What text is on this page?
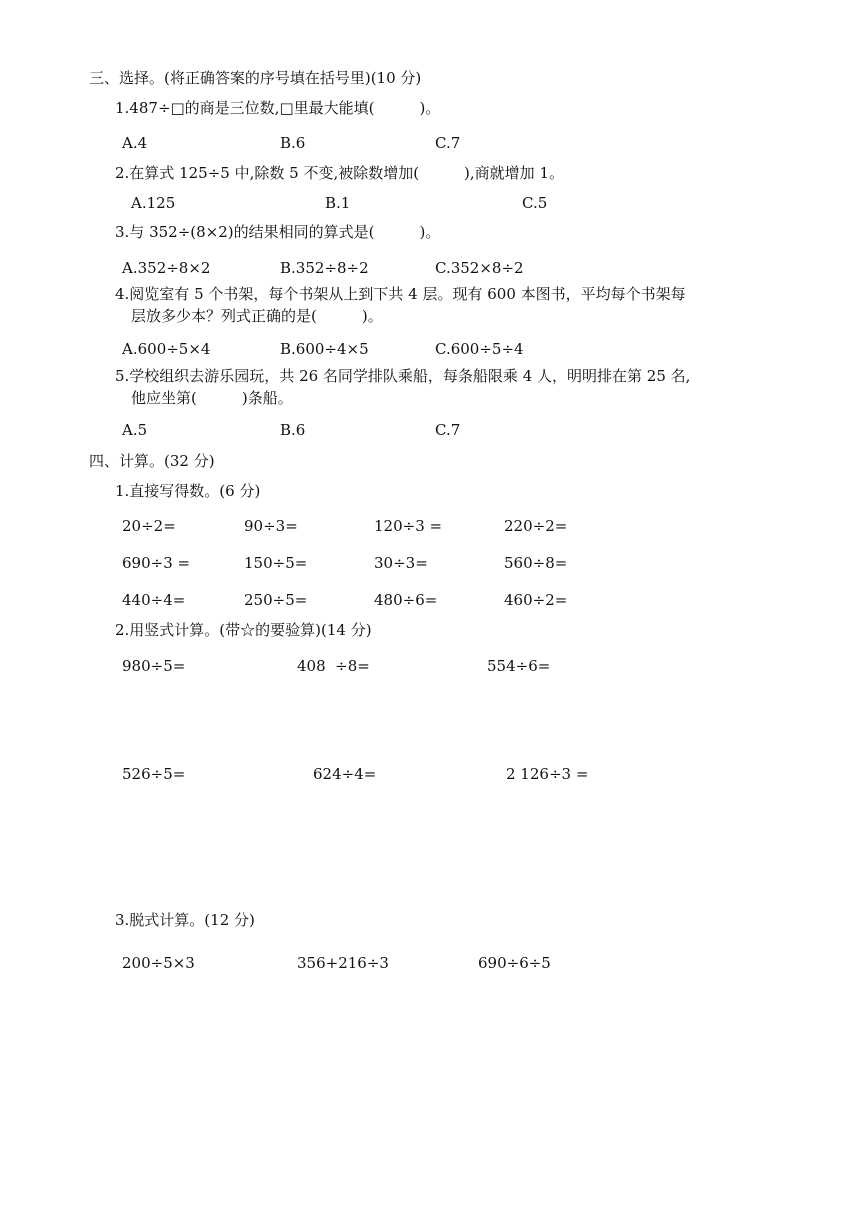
三、选择。(将正确答案的序号填在括号里)(10 分)
1.487÷□的商是三位数,□里最大能填(　　　)。
A.4	B.6	C.7
2.在算式 125÷5 中,除数 5 不变,被除数增加(　　　),商就增加 1。
A.125	B.1	C.5
3.与 352÷(8×2)的结果相同的算式是(　　　)。
A.352÷8×2	B.352÷8÷2	C.352×8÷2
4.阅览室有 5 个书架，每个书架从上到下共 4 层。现有 600 本图书，平均每个书架每
层放多少本？列式正确的是(　　　)。
A.600÷5×4	B.600÷4×5	C.600÷5÷4
5.学校组织去游乐园玩，共 26 名同学排队乘船，每条船限乘 4 人，明明排在第 25 名,
他应坐第(　　　)条船。
A.5	B.6	C.7
四、计算。(32 分)
1.直接写得数。(6 分)
20÷2=	90÷3=	120÷3 =	220÷2=
690÷3 =	150÷5=	30÷3=	560÷8=
440÷4=	250÷5=	480÷6=	460÷2=
2.用竖式计算。(带☆的要验算)(14 分)
980÷5=	408  ÷8=	554÷6=
526÷5=	624÷4=	2 126÷3 =
3.脱式计算。(12 分)
200÷5×3	356+216÷3	690÷6÷5
